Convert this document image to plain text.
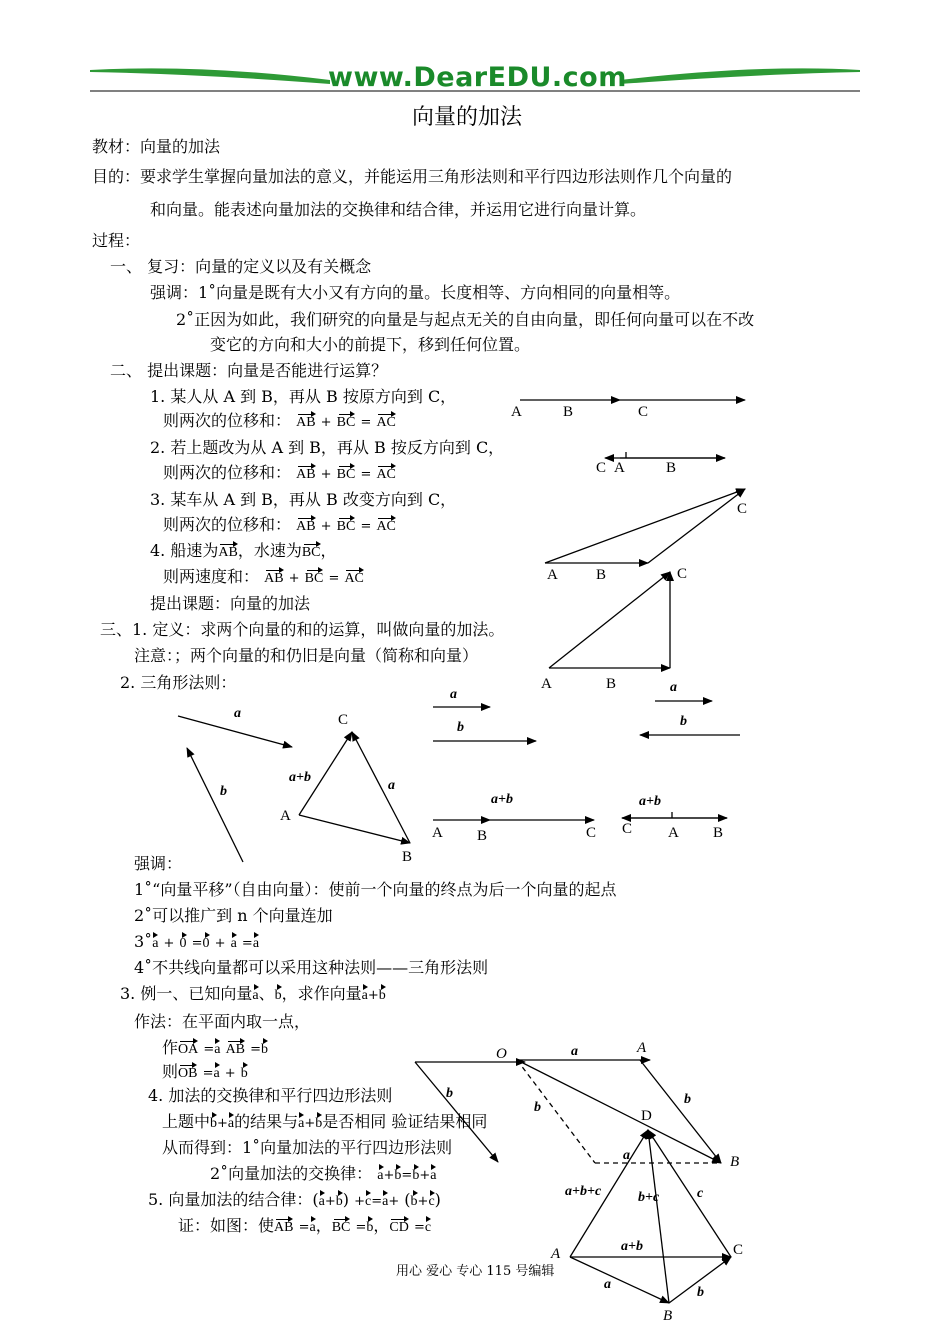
www.DearEDU.com
向量的加法
教材：向量的加法
目的：要求学生掌握向量加法的意义，并能运用三角形法则和平行四边形法则作几个向量的
和向量。能表述向量加法的交换律和结合律，并运用它进行向量计算。
过程：
一、 复习：向量的定义以及有关概念
强调：1˚向量是既有大小又有方向的量。长度相等、方向相同的向量相等。
2˚正因为如此，我们研究的向量是与起点无关的自由向量，即任何向量可以在不改
变它的方向和大小的前提下，移到任何位置。
二、 提出课题：向量是否能进行运算？
1. 某人从 A 到 B，再从 B 按原方向到 C，
则两次的位移和： AB + BC = AC
2. 若上题改为从 A 到 B，再从 B 按反方向到 C，
则两次的位移和： AB + BC = AC
3. 某车从 A 到 B，再从 B 改变方向到 C，
则两次的位移和： AB + BC = AC
4. 船速为AB，水速为BC，
则两速度和： AB + BC = AC
提出课题：向量的加法
三、1. 定义：求两个向量的和的运算，叫做向量的加法。
注意：；两个向量的和仍旧是向量（简称和向量）
2. 三角形法则：
强调：
1˚“向量平移”（自由向量）：使前一个向量的终点为后一个向量的起点
2˚可以推广到 n 个向量连加
3˚a + 0 =0 + a =a
4˚不共线向量都可以采用这种法则——三角形法则
3. 例一、已知向量a、b，求作向量a+b
作法：在平面内取一点，
作OA =a AB =b
则OB =a + b
4. 加法的交换律和平行四边形法则
上题中b+a的结果与a+b是否相同 验证结果相同
从而得到：1˚向量加法的平行四边形法则
2˚向量加法的交换律： a+b=b+a
5. 向量加法的结合律：(a+b) +c=a+ (b+c)
证：如图：使AB =a，BC =b，CD =c
A	B	C
C A	B
A	B
C
A	B
C
a
b
C
a+b
a
A
B
a
b
a+b
A B	C
a
b
a+b
C A B
b
O	a	A
b
b
a	B
D
a+b+c	b+c	c
a+b
A	C
a
b
B
用心 爱心 专心 115 号编辑
